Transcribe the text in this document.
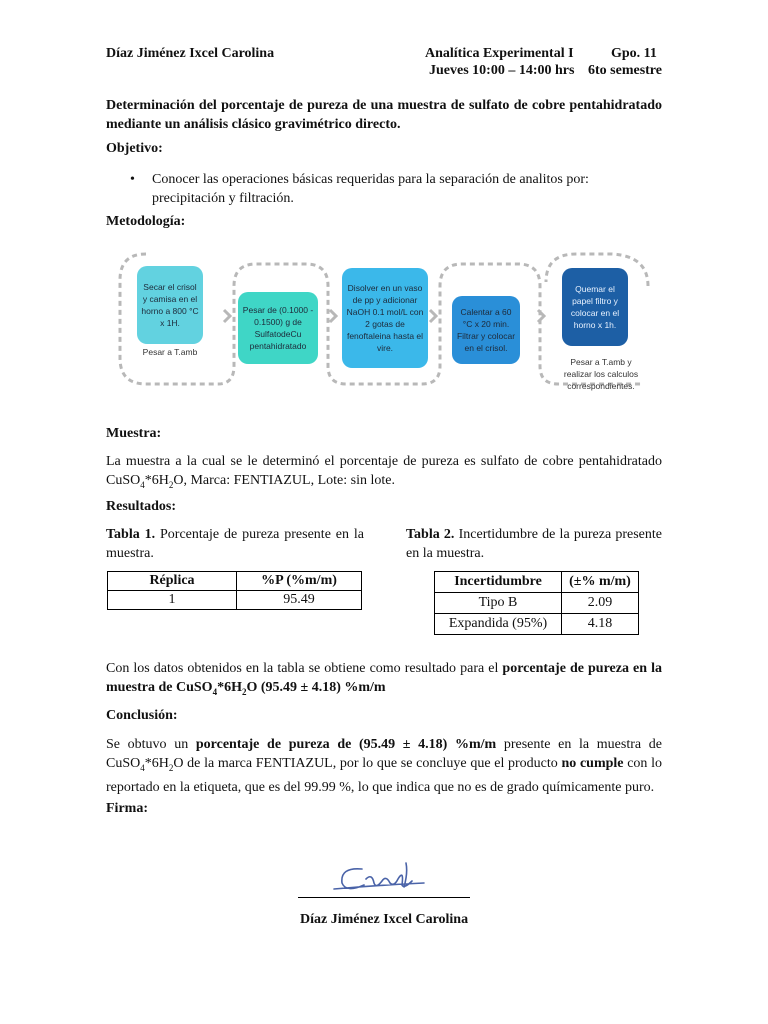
Díaz Jiménez Ixcel Carolina	Analítica Experimental I	Gpo. 11
Jueves 10:00 – 14:00 hrs 6to semestre
Determinación del porcentaje de pureza de una muestra de sulfato de cobre pentahidratado mediante un análisis clásico gravimétrico directo.
Objetivo:
• Conocer las operaciones básicas requeridas para la separación de analitos por: precipitación y filtración.
Metodología:
Secar el crisol y camisa en el horno a 800 °C x 1H.
Pesar a T.amb
Pesar de (0.1000 - 0.1500) g de SulfatodeCu pentahidratado
Disolver en un vaso de pp y adicionar NaOH 0.1 mol/L con 2 gotas de fenoftaleina hasta el vire.
Calentar a 60 °C x 20 min. Filtrar y colocar en el crisol.
Quemar el papel filtro y colocar en el horno x 1h.
Pesar a T.amb y realizar los calculos correspondientes.
Muestra:
La muestra a la cual se le determinó el porcentaje de pureza es sulfato de cobre pentahidratado $CuSO_4*6H_2O$, Marca: FENTIAZUL, Lote: sin lote.
Resultados:
Tabla 1. Porcentaje de pureza presente en la muestra.
Réplica	%P (%m/m)
1	95.49
Tabla 2. Incertidumbre de la pureza presente en la muestra.
Incertidumbre	(±% m/m)
Tipo B	2.09
Expandida (95%)	4.18
Con los datos obtenidos en la tabla se obtiene como resultado para el porcentaje de pureza en la muestra de $CuSO_4*6H_2O$ (95.49 ± 4.18) %m/m
Conclusión:
Se obtuvo un porcentaje de pureza de (95.49 ± 4.18) %m/m presente en la muestra de $CuSO_4*6H_2O$ de la marca FENTIAZUL, por lo que se concluye que el producto no cumple con lo reportado en la etiqueta, que es del 99.99 %, lo que indica que no es de grado químicamente puro.
Firma:
Díaz Jiménez Ixcel Carolina
